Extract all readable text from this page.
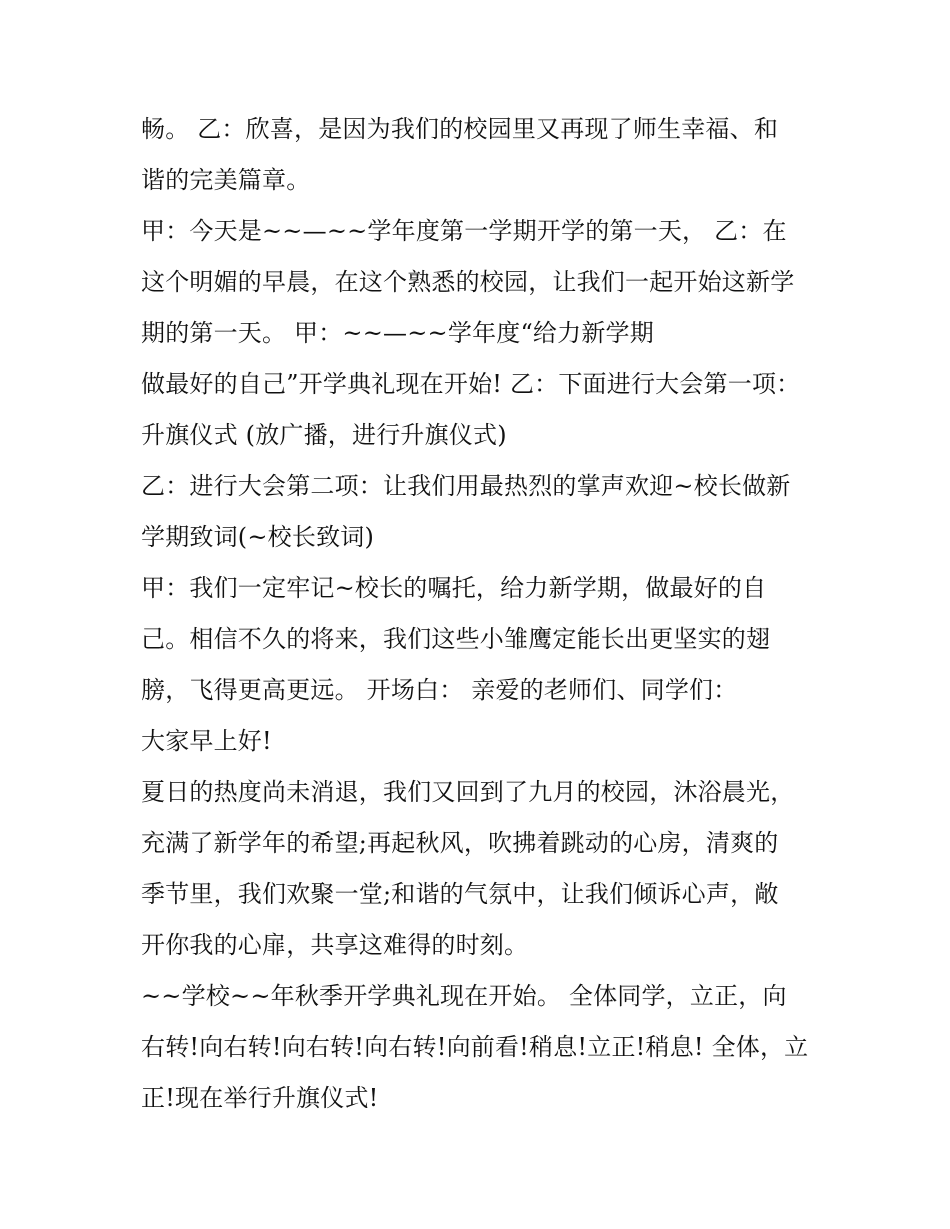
畅。 乙：欣喜，是因为我们的校园里又再现了师生幸福、和
谐的完美篇章。
甲：今天是~~—~~学年度第一学期开学的第一天， 乙：在
这个明媚的早晨，在这个熟悉的校园，让我们一起开始这新学
期的第一天。 甲：~~—~~学年度“给力新学期
做最好的自己”开学典礼现在开始! 乙：下面进行大会第一项：
升旗仪式 (放广播，进行升旗仪式)
乙：进行大会第二项：让我们用最热烈的掌声欢迎~校长做新
学期致词(~校长致词)
甲：我们一定牢记~校长的嘱托，给力新学期，做最好的自
己。相信不久的将来，我们这些小雏鹰定能长出更坚实的翅
膀，飞得更高更远。 开场白： 亲爱的老师们、同学们：
大家早上好!
夏日的热度尚未消退，我们又回到了九月的校园，沐浴晨光，
充满了新学年的希望;再起秋风，吹拂着跳动的心房，清爽的
季节里，我们欢聚一堂;和谐的气氛中，让我们倾诉心声，敞
开你我的心扉，共享这难得的时刻。
~~学校~~年秋季开学典礼现在开始。 全体同学，立正，向
右转!向右转!向右转!向右转!向前看!稍息!立正!稍息! 全体，立
正!现在举行升旗仪式!
